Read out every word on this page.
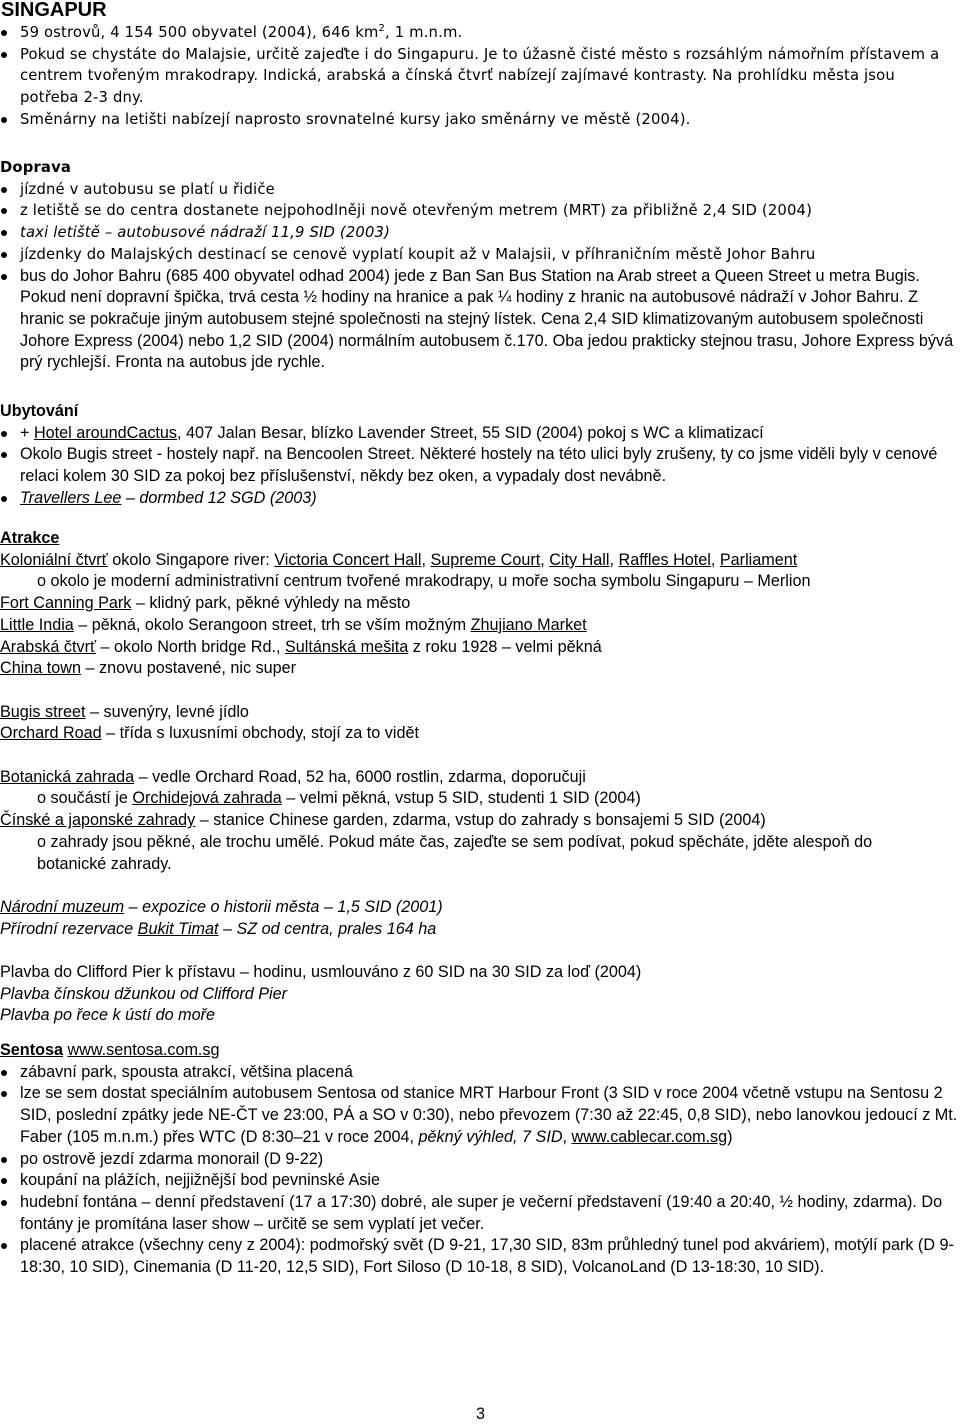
SINGAPUR
59 ostrovů, 4 154 500 obyvatel (2004), 646 $km^2$, 1 m.n.m.
Pokud se chystáte do Malajsie, určitě zajeďte i do Singapuru. Je to úžasně čisté město s rozsáhlým námořním přístavem a centrem tvořeným mrakodrapy. Indická, arabská a čínská čtvrť nabízejí zajímavé kontrasty. Na prohlídku města jsou potřeba 2-3 dny.
Směnárny na letišti nabízejí naprosto srovnatelné kursy jako směnárny ve městě (2004).
Doprava
jízdné v autobusu se platí u řidiče
z letiště se do centra dostanete nejpohodlněji nově otevřeným metrem (MRT) za přibližně 2,4 SID (2004)
taxi letiště – autobusové nádraží 11,9 SID (2003)
jízdenky do Malajských destinací se cenově vyplatí koupit až v Malajsii, v příhraničním městě Johor Bahru
bus do Johor Bahru (685 400 obyvatel odhad 2004) jede z Ban San Bus Station na Arab street a Queen Street u metra Bugis. Pokud není dopravní špička, trvá cesta ½ hodiny na hranice a pak ¼ hodiny z hranic na autobusové nádraží v Johor Bahru. Z hranic se pokračuje jiným autobusem stejné společnosti na stejný lístek. Cena 2,4 SID klimatizovaným autobusem společnosti Johore Express (2004) nebo 1,2 SID (2004) normálním autobusem č.170. Oba jedou prakticky stejnou trasu, Johore Express bývá prý rychlejší. Fronta na autobus jde rychle.
Ubytování
+ Hotel aroundCactus, 407 Jalan Besar, blízko Lavender Street, 55 SID (2004) pokoj s WC a klimatizací
Okolo Bugis street - hostely např. na Bencoolen Street. Některé hostely na této ulici byly zrušeny, ty co jsme viděli byly v cenové relaci kolem 30 SID za pokoj bez příslušenství, někdy bez oken, a vypadaly dost nevábně.
Travellers Lee – dormbed 12 SGD (2003)
Atrakce

Koloniální čtvrť okolo Singapore river: Victoria Concert Hall, Supreme Court, City Hall, Raffles Hotel, Parliament

o okolo je moderní administrativní centrum tvořené mrakodrapy, u moře socha symbolu Singapuru – Merlion

Fort Canning Park – klidný park, pěkné výhledy na město

Little India – pěkná, okolo Serangoon street, trh se vším možným Zhujiano Market

Arabská čtvrť – okolo North bridge Rd., Sultánská mešita z roku 1928 – velmi pěkná

China town – znovu postavené, nic super

Bugis street – suvenýry, levné jídlo

Orchard Road – třída s luxusními obchody, stojí za to vidět

Botanická zahrada – vedle Orchard Road, 52 ha, 6000 rostlin, zdarma, doporučuji

o součástí je Orchidejová zahrada – velmi pěkná, vstup 5 SID, studenti 1 SID (2004)

Čínské a japonské zahrady – stanice Chinese garden, zdarma, vstup do zahrady s bonsajemi 5 SID (2004)

o zahrady jsou pěkné, ale trochu umělé. Pokud máte čas, zajeďte se sem podívat, pokud spěcháte, jděte alespoň do botanické zahrady.

Národní muzeum – expozice o historii města – 1,5 SID (2001)

Přírodní rezervace Bukit Timat – SZ od centra, prales 164 ha

Plavba do Clifford Pier k přístavu – hodinu, usmlouváno z 60 SID na 30 SID za loď (2004)

Plavba čínskou džunkou od Clifford Pier

Plavba po řece k ústí do moře

Sentosa www.sentosa.com.sg
zábavní park, spousta atrakcí, většina placená
lze se sem dostat speciálním autobusem Sentosa od stanice MRT Harbour Front (3 SID v roce 2004 včetně vstupu na Sentosu 2 SID, poslední zpátky jede NE-ČT ve 23:00, PÁ a SO v 0:30), nebo převozem (7:30 až 22:45, 0,8 SID), nebo lanovkou jedoucí z Mt. Faber (105 m.n.m.) přes WTC (D 8:30–21 v roce 2004, pěkný výhled, 7 SID, www.cablecar.com.sg)
po ostrově jezdí zdarma monorail (D 9-22)
koupání na plážích, nejjižnější bod pevninské Asie
hudební fontána – denní představení (17 a 17:30) dobré, ale super je večerní představení (19:40 a 20:40, ½ hodiny, zdarma). Do fontány je promítána laser show – určitě se sem vyplatí jet večer.
placené atrakce (všechny ceny z 2004): podmořský svět (D 9-21, 17,30 SID, 83m průhledný tunel pod akváriem), motýlí park (D 9-18:30, 10 SID), Cinemania (D 11-20, 12,5 SID), Fort Siloso (D 10-18, 8 SID), VolcanoLand (D 13-18:30, 10 SID).
3
